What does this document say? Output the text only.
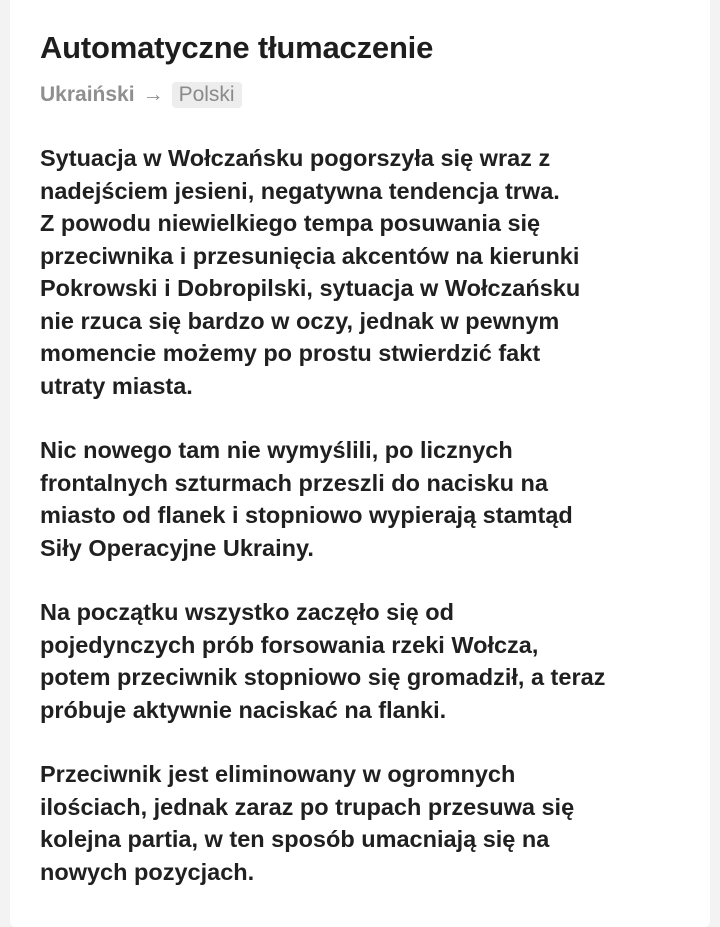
Automatyczne tłumaczenie
Ukraiński → Polski

Sytuacja w Wołczańsku pogorszyła się wraz z
nadejściem jesieni, negatywna tendencja trwa.
Z powodu niewielkiego tempa posuwania się
przeciwnika i przesunięcia akcentów na kierunki
Pokrowski i Dobropilski, sytuacja w Wołczańsku
nie rzuca się bardzo w oczy, jednak w pewnym
momencie możemy po prostu stwierdzić fakt
utraty miasta.

Nic nowego tam nie wymyślili, po licznych
frontalnych szturmach przeszli do nacisku na
miasto od flanek i stopniowo wypierają stamtąd
Siły Operacyjne Ukrainy.

Na początku wszystko zaczęło się od
pojedynczych prób forsowania rzeki Wołcza,
potem przeciwnik stopniowo się gromadził, a teraz
próbuje aktywnie naciskać na flanki.

Przeciwnik jest eliminowany w ogromnych
ilościach, jednak zaraz po trupach przesuwa się
kolejna partia, w ten sposób umacniają się na
nowych pozycjach.
